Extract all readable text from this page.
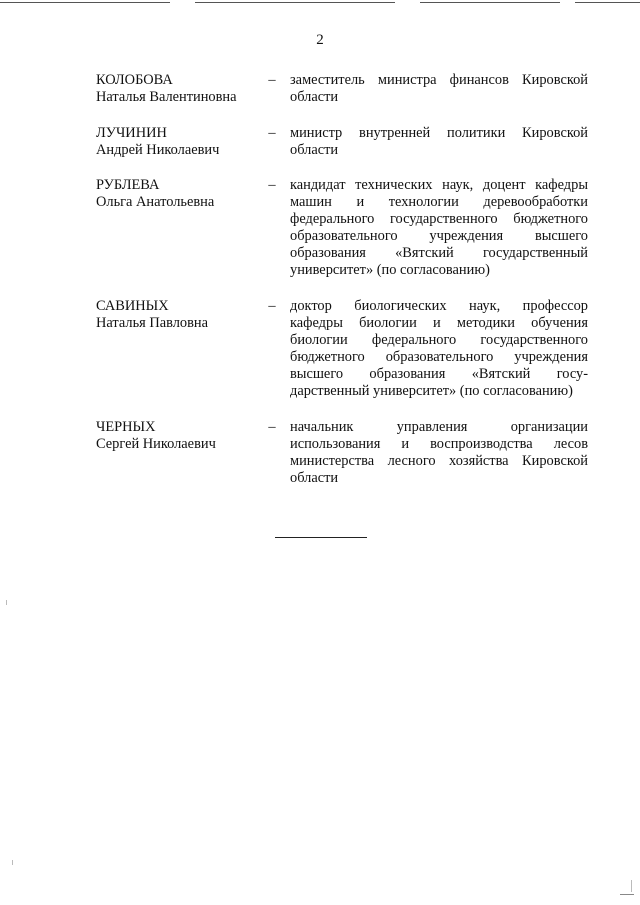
2
КОЛОБОВА
Наталья Валентиновна
– заместитель министра финансов Кировской
области
ЛУЧИНИН
Андрей Николаевич
– министр внутренней политики Кировской
области
РУБЛЕВА
Ольга Анатольевна
– кандидат технических наук, доцент кафедры
машин и технологии деревообработки
федерального государственного бюджетного
образовательного учреждения высшего
образования «Вятский государственный
университет» (по согласованию)
САВИНЫХ
Наталья Павловна
– доктор биологических наук, профессор
кафедры биологии и методики обучения
биологии федерального государственного
бюджетного образовательного учреждения
высшего образования «Вятский госу-
дарственный университет» (по согласованию)
ЧЕРНЫХ
Сергей Николаевич
– начальник управления организации
использования и воспроизводства лесов
министерства лесного хозяйства Кировской
области
